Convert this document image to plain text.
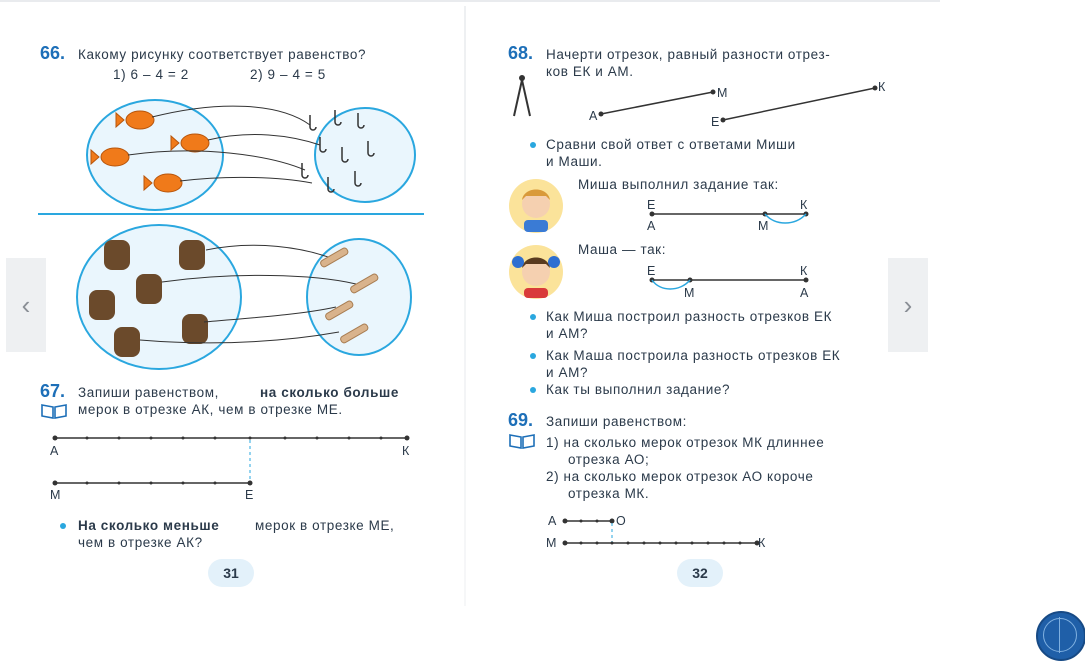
66. Какому рисунку соответствует равенство?
1) 6 – 4 = 2	2) 9 – 4 = 5
67. Запиши равенством,	на сколько больше
мерок в отрезке АК, чем в отрезке МЕ.
А	К
М	Е
На сколько меньше	мерок в отрезке МЕ,
чем в отрезке АК?
31
68. Начерти отрезок, равный разности отрез-
ков ЕК и АМ.
А
М
Е
К
Сравни свой ответ с ответами Миши
и Маши.
Миша выполнил задание так:
Е
А	М
К
Маша — так:
Е
М
К
А
Как Миша построил разность отрезков ЕК
и АМ?
Как Маша построила разность отрезков ЕК
и АМ?
Как ты выполнил задание?
69. Запиши равенством:
1) на сколько мерок отрезок МК длиннее
отрезка АО;
2) на сколько мерок отрезок АО короче
отрезка МК.
А	О
М	К
32
‹	›
